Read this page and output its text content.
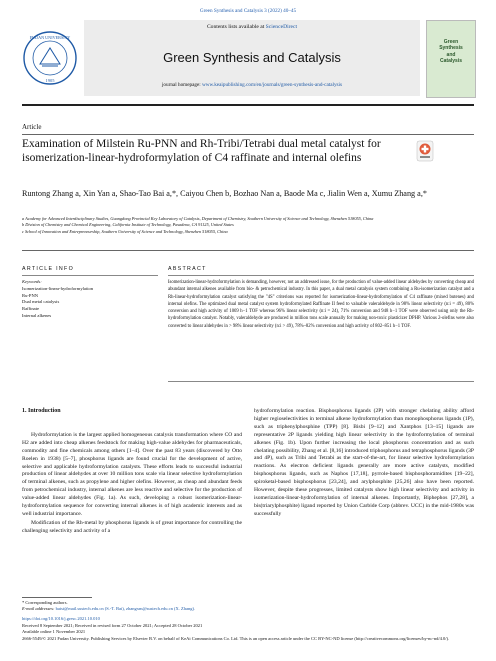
Green Synthesis and Catalysis 3 (2022) 40–45
FUDAN UNIVERSITY
1905
Contents lists available at ScienceDirect
Green Synthesis and Catalysis
journal homepage: www.keaipublishing.com/en/journals/green-synthesis-and-catalysis
Green
Synthesis
and
Catalysis
Article
Examination of Milstein Ru-PNN and Rh-Tribi/Tetrabi dual metal catalyst for isomerization-linear-hydroformylation of C4 raffinate and internal olefins
Runtong Zhang a, Xin Yan a, Shao-Tao Bai a,*, Caiyou Chen b, Bozhao Nan a, Baode Ma c, Jialin Wen a, Xumu Zhang a,*
a Academy for Advanced Interdisciplinary Studies, Guangdong Provincial Key Laboratory of Catalysis, Department of Chemistry, Southern University of Science and Technology, Shenzhen 518055, China
b Division of Chemistry and Chemical Engineering, California Institute of Technology, Pasadena, CA 91125, United States
c School of Innovation and Entrepreneurship, Southern University of Science and Technology, Shenzhen 518055, China
ARTICLE INFO	ABSTRACT
Keywords:
Isomerization-linear-hydroformylation
Ru-PNN
Dual metal catalysis
Raffinate
Internal alkenes
Isomerization-linear-hydroformylation is demanding, however, not an addressed issue, for the production of value-added linear aldehydes by converting cheap and abundant internal alkenes available from bio- & petrochemical industry. In this paper, a dual metal catalysis system combining a Ru-isomerization catalyst and a Rh-linear-hydroformylation catalyst satisfying the "4S" criterions was reported for isomerization-linear-hydroformylation of C4 raffinate (mixed butenes) and internal olefins. The optimized dual metal catalyst system hydroformylated Raffinate II feed to valuable valeraldehyde in 98% linear selectivity (n:i = 49), 80% conversion and high activity of 1069 h−1 TOF whereas 96% linear selectivity (n:i = 24), 71% conversion and 948 h−1 TOF were observed using only the Rh-hydroformylation catalyst. Notably, valeraldehyde are produced in million tons scale annually for making non-toxic plasticizer DPHP. Various 2-olefins were also converted to linear aldehydes in > 98% linear selectivity (n:i > 49), 78%–82% conversion and high activity of 802–851 h−1 TOF.
1. Introduction

Hydroformylation is the largest applied homogeneous catalysis transformation where CO and H2 are added into cheap alkenes feedstock for making high-value aldehydes for pharmaceuticals, commodity and fine chemicals among others [1–4]. Over the past 83 years (discovered by Otto Roelen in 1938) [5–7], phosphorus ligands are found crucial for the development of active, selective and applicable hydroformylation catalysts. These efforts leads to successful industrial production of linear aldehydes at over 10 million tons scale via linear selective hydroformylation of terminal alkenes, such as propylene and higher olefins. However, as cheap and abundant feeds from petrochemical industry, internal alkenes are less reactive and selective for the production of value-added linear aldehydes (Fig. 1a). As such, developing a robust isomerization-linear-hydroformylation sequence for converting internal alkenes is of high academic interests and as well industrial importance.

Modification of the Rh-metal by phosphorus ligands is of great importance for controlling the challenging selectivity and activity of a

hydroformylation reaction. Bisphosphorus ligands (2P) with stronger chelating ability afford higher regioselectivities in terminal alkene hydroformylation than monophosphorus ligands (1P), such as triphenylphosphine (TPP) [8]. Bisbi [9–12] and Xantphos [13–15] ligands are representative 2P ligands yielding high linear selectivity in the hydroformylation of terminal alkenes (Fig. 1b). Upon further increasing the local phosphorus concentration and as such chelating possibility, Zhang et al. [8,16] introduced triphosphorus and tetraphosphorus ligands (3P and 4P), such as Tribi and Tetrabi as the start-of-the-art, for linear selective hydroformylation reactions. As electron deficient ligands generally are more active catalysts, modified bisphosphorus ligands, such as Naphos [17,18], pyrrole-based bisphosphoramidites [19–22], spiroketal-based bisphosphorus [23,24], and arylphosphite [25,26] also have been reported. However, despite these progresses, limited catalysts show high linear selectivity and activity in isomerization-linear-hydroformylation of internal alkenes. Importantly, Biphephos [27,28], a bis(triarylphosphite) ligand reported by Union Carbide Corp (abbrev. UCC) in the mid-1980s was successfully

* Corresponding authors.
E-mail addresses: baist@mail.sustech.edu.cn (S.-T. Bai), zhangxm@sustech.edu.cn (X. Zhang).
https://doi.org/10.1016/j.gresc.2021.10.010
Received 8 September 2021; Received in revised form 27 October 2021; Accepted 28 October 2021
Available online 1 November 2021
2666-5549/© 2021 Fudan University. Publishing Services by Elsevier B.V. on behalf of KeAi Communications Co. Ltd. This is an open access article under the CC BY-NC-ND license (http://creativecommons.org/licenses/by-nc-nd/4.0/).
